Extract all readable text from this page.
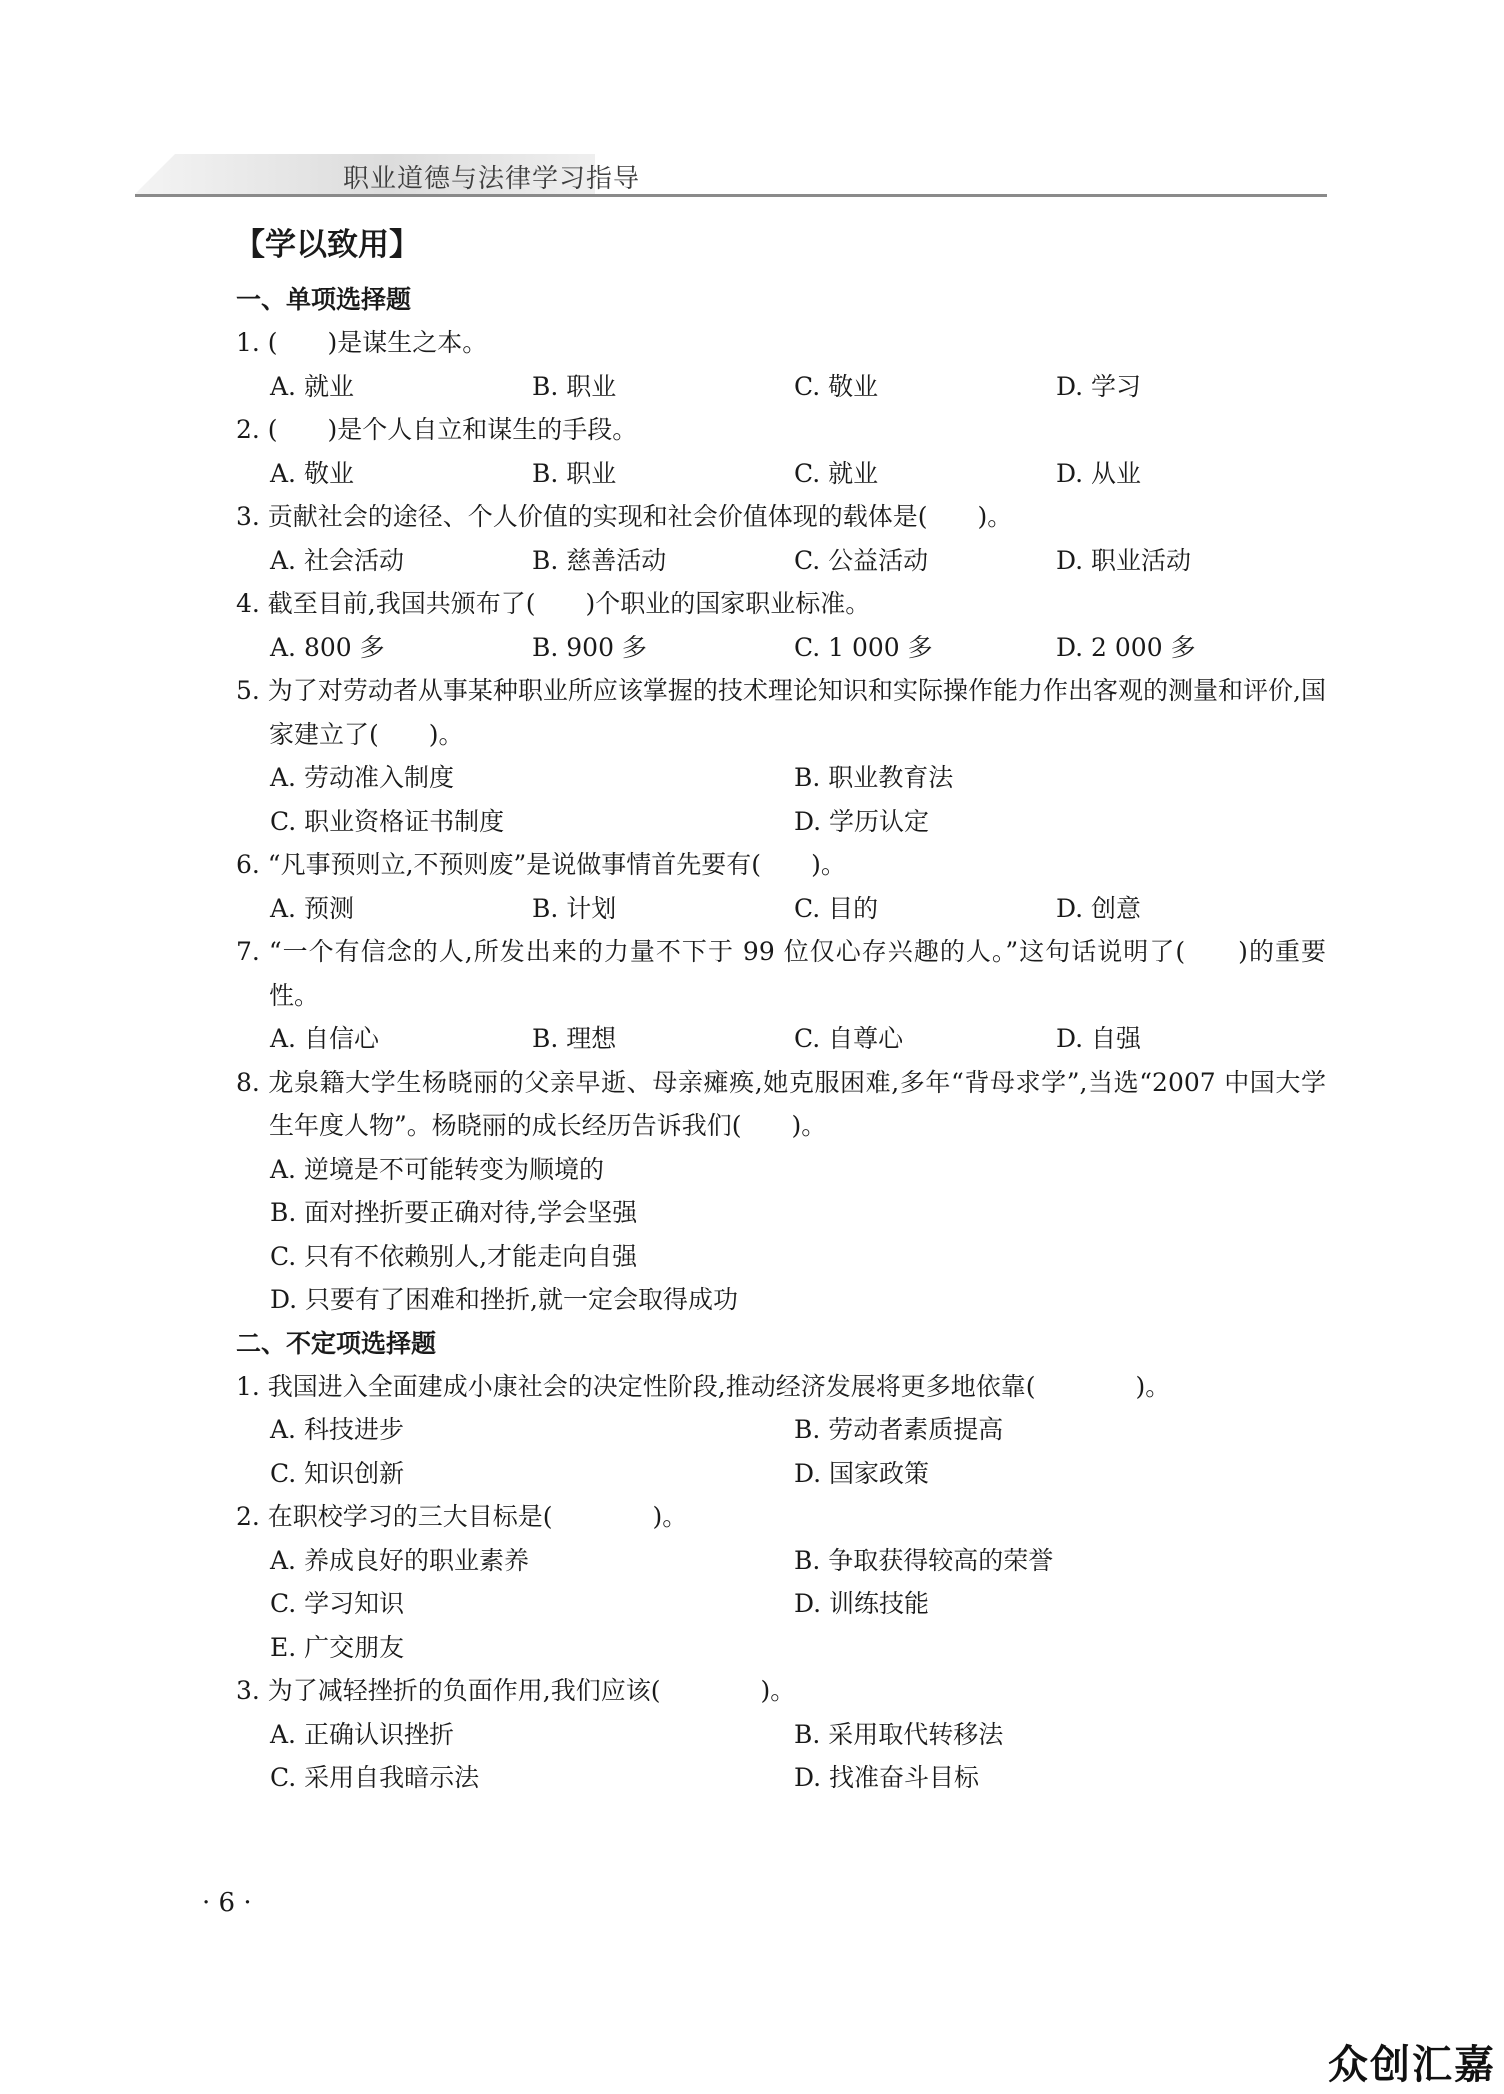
职业道德与法律学习指导
【学以致用】
一、单项选择题
1. (　　)是谋生之本。
A. 就业	B. 职业	C. 敬业	D. 学习
2. (　　)是个人自立和谋生的手段。
A. 敬业	B. 职业	C. 就业	D. 从业
3. 贡献社会的途径、个人价值的实现和社会价值体现的载体是(　　)。
A. 社会活动	B. 慈善活动	C. 公益活动	D. 职业活动
4. 截至目前,我国共颁布了(　　)个职业的国家职业标准。
A. 800 多	B. 900 多	C. 1 000 多	D. 2 000 多
5. 为了对劳动者从事某种职业所应该掌握的技术理论知识和实际操作能力作出客观的测量和评价,国家建立了(　　)。
A. 劳动准入制度	B. 职业教育法
C. 职业资格证书制度	D. 学历认定
6. “凡事预则立,不预则废”是说做事情首先要有(　　)。
A. 预测	B. 计划	C. 目的	D. 创意
7. “一个有信念的人,所发出来的力量不下于 99 位仅心存兴趣的人。”这句话说明了(　　)的重要性。
A. 自信心	B. 理想	C. 自尊心	D. 自强
8. 龙泉籍大学生杨晓丽的父亲早逝、母亲瘫痪,她克服困难,多年“背母求学”,当选“2007 中国大学生年度人物”。杨晓丽的成长经历告诉我们(　　)。
A. 逆境是不可能转变为顺境的
B. 面对挫折要正确对待,学会坚强
C. 只有不依赖别人,才能走向自强
D. 只要有了困难和挫折,就一定会取得成功
二、不定项选择题
1. 我国进入全面建成小康社会的决定性阶段,推动经济发展将更多地依靠(　　　　)。
A. 科技进步	B. 劳动者素质提高
C. 知识创新	D. 国家政策
2. 在职校学习的三大目标是(　　　　)。
A. 养成良好的职业素养	B. 争取获得较高的荣誉
C. 学习知识	D. 训练技能
E. 广交朋友
3. 为了减轻挫折的负面作用,我们应该(　　　　)。
A. 正确认识挫折	B. 采用取代转移法
C. 采用自我暗示法	D. 找准奋斗目标
· 6 ·
众创汇嘉
